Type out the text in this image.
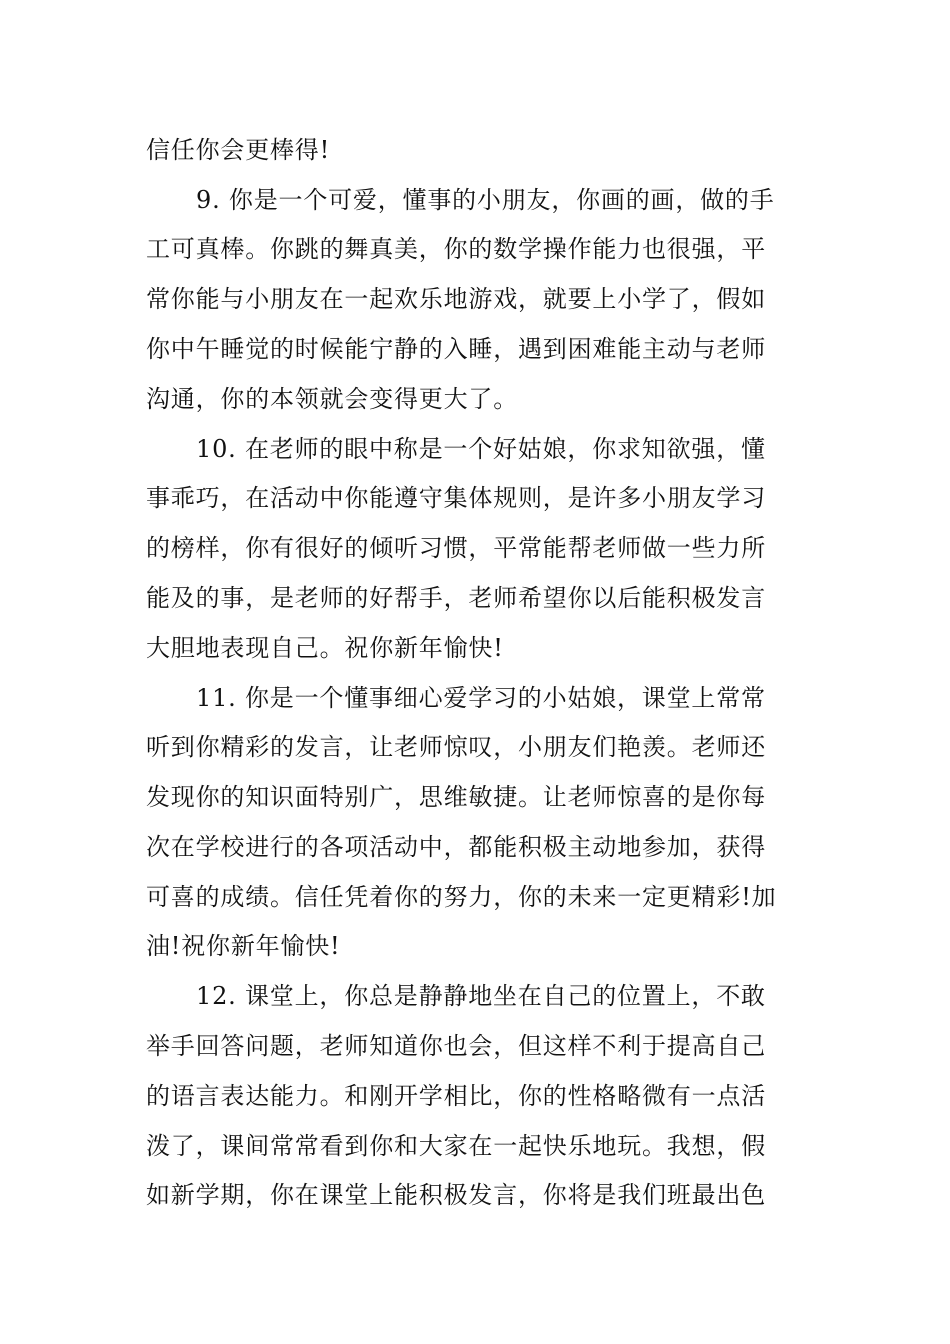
信任你会更棒得!
9. 你是一个可爱，懂事的小朋友，你画的画，做的手
工可真棒。你跳的舞真美，你的数学操作能力也很强，平
常你能与小朋友在一起欢乐地游戏，就要上小学了，假如
你中午睡觉的时候能宁静的入睡，遇到困难能主动与老师
沟通，你的本领就会变得更大了。
10. 在老师的眼中称是一个好姑娘，你求知欲强，懂
事乖巧，在活动中你能遵守集体规则，是许多小朋友学习
的榜样，你有很好的倾听习惯，平常能帮老师做一些力所
能及的事，是老师的好帮手，老师希望你以后能积极发言
大胆地表现自己。祝你新年愉快!
11. 你是一个懂事细心爱学习的小姑娘，课堂上常常
听到你精彩的发言，让老师惊叹，小朋友们艳羡。老师还
发现你的知识面特别广，思维敏捷。让老师惊喜的是你每
次在学校进行的各项活动中，都能积极主动地参加，获得
可喜的成绩。信任凭着你的努力，你的未来一定更精彩!加
油!祝你新年愉快!
12. 课堂上，你总是静静地坐在自己的位置上，不敢
举手回答问题，老师知道你也会，但这样不利于提高自己
的语言表达能力。和刚开学相比，你的性格略微有一点活
泼了，课间常常看到你和大家在一起快乐地玩。我想，假
如新学期，你在课堂上能积极发言，你将是我们班最出色
